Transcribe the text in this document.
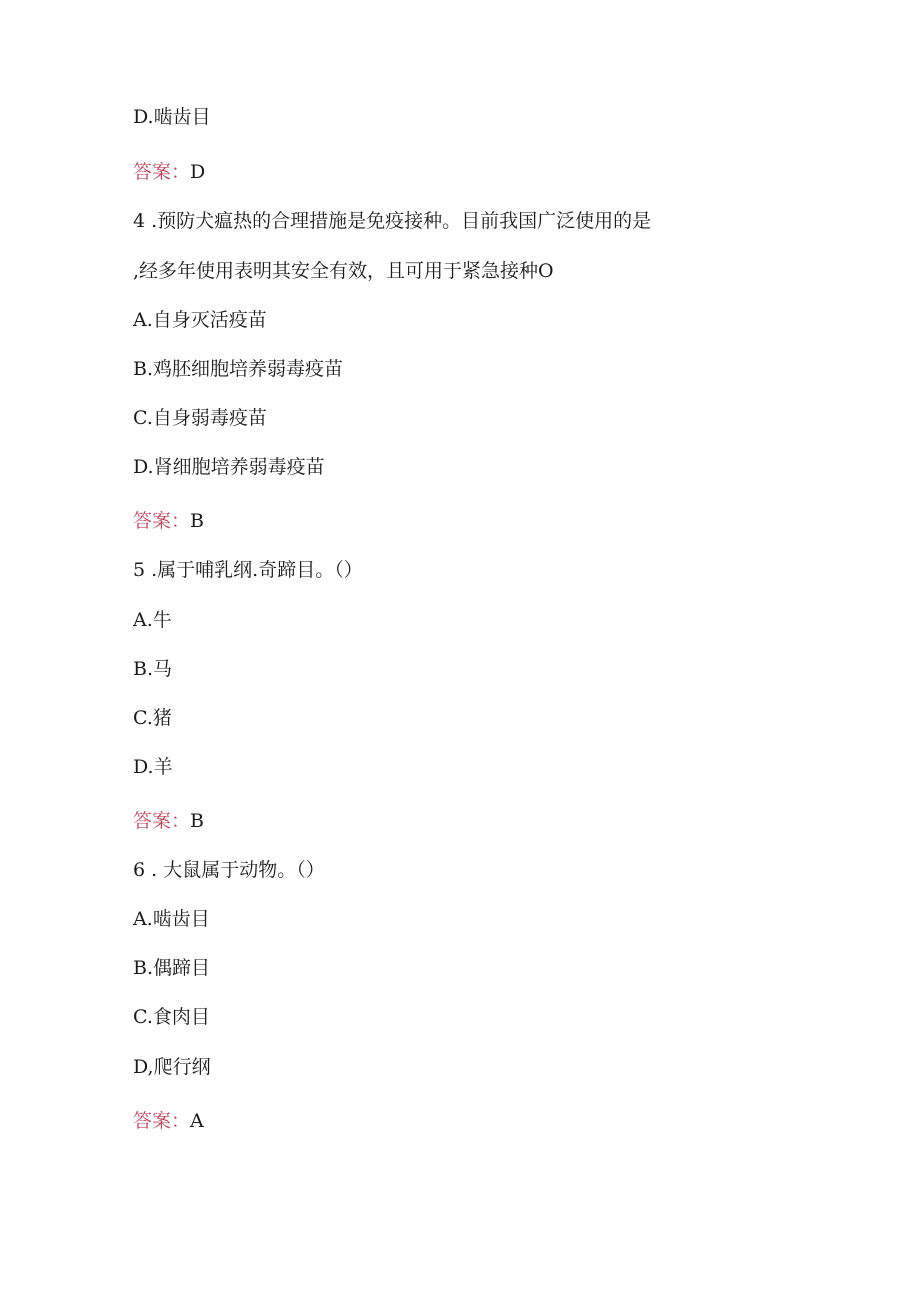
D.啮齿目
答案：D
4 .预防犬瘟热的合理措施是免疫接种。目前我国广泛使用的是
,经多年使用表明其安全有效，且可用于紧急接种O
A.自身灭活疫苗
B.鸡胚细胞培养弱毒疫苗
C.自身弱毒疫苗
D.肾细胞培养弱毒疫苗
答案：B
5 .属于哺乳纲.奇蹄目。（）
A.牛
B.马
C.猪
D.羊
答案：B
6 . 大鼠属于动物。（）
A.啮齿目
B.偶蹄目
C.食肉目
D,爬行纲
答案：A
